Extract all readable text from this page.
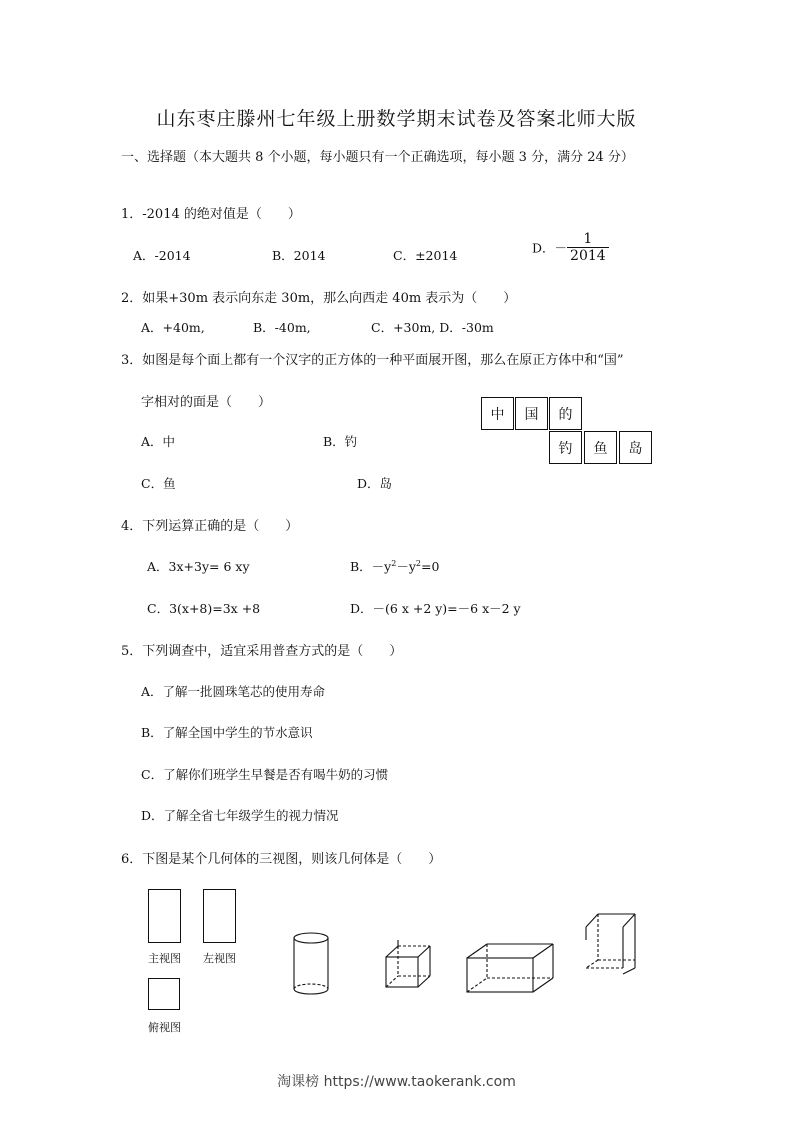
山东枣庄滕州七年级上册数学期末试卷及答案北师大版
一、选择题（本大题共 8 个小题，每小题只有一个正确选项，每小题 3 分，满分 24 分）
1．-2014 的绝对值是（　　）
A．-2014	B．2014	C．±2014	D．－ $\frac{1}{2014}$
2．如果+30m 表示向东走 30m，那么向西走 40m 表示为（　　）
A．+40m,	B．-40m,	C．+30m, D．-30m
3．如图是每个面上都有一个汉字的正方体的一种平面展开图，那么在原正方体中和“国”
字相对的面是（　　）
A．中	B．钓
C．鱼	D．岛
中	国	的
钓	鱼	岛
4．下列运算正确的是（　　）
A．3x+3y= 6 xy	B．$-y^2-y^2=0$
C．3(x+8)=3x +8	D．－(6 x +2 y)=－6 x－2 y
5．下列调查中，适宜采用普查方式的是（　　）
A．了解一批圆珠笔芯的使用寿命
B．了解全国中学生的节水意识
C．了解你们班学生早餐是否有喝牛奶的习惯
D．了解全省七年级学生的视力情况
6．下图是某个几何体的三视图，则该几何体是（　　）
主视图 左视图
俯视图
淘课榜 https://www.taokerank.com
